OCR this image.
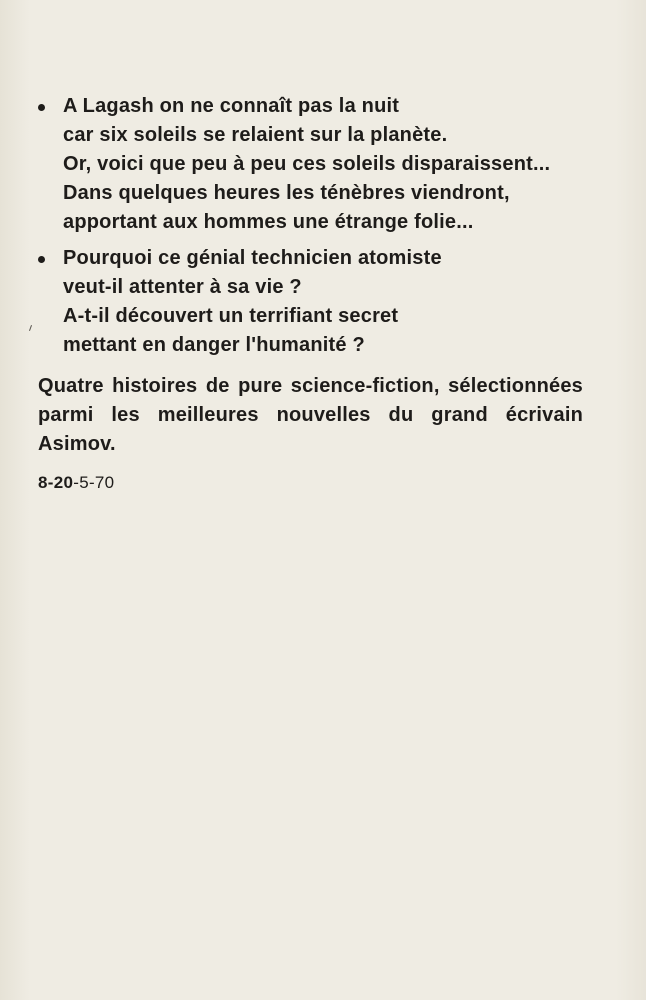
A Lagash on ne connaît pas la nuit
car six soleils se relaient sur la planète.
Or, voici que peu à peu ces soleils disparaissent...
Dans quelques heures les ténèbres viendront,
apportant aux hommes une étrange folie...
Pourquoi ce génial technicien atomiste
veut-il attenter à sa vie ?
A-t-il découvert un terrifiant secret
mettant en danger l'humanité ?
Quatre histoires de pure science-fiction, sélectionnées
parmi les meilleures nouvelles du grand écrivain
Asimov.
8-20-5-70
